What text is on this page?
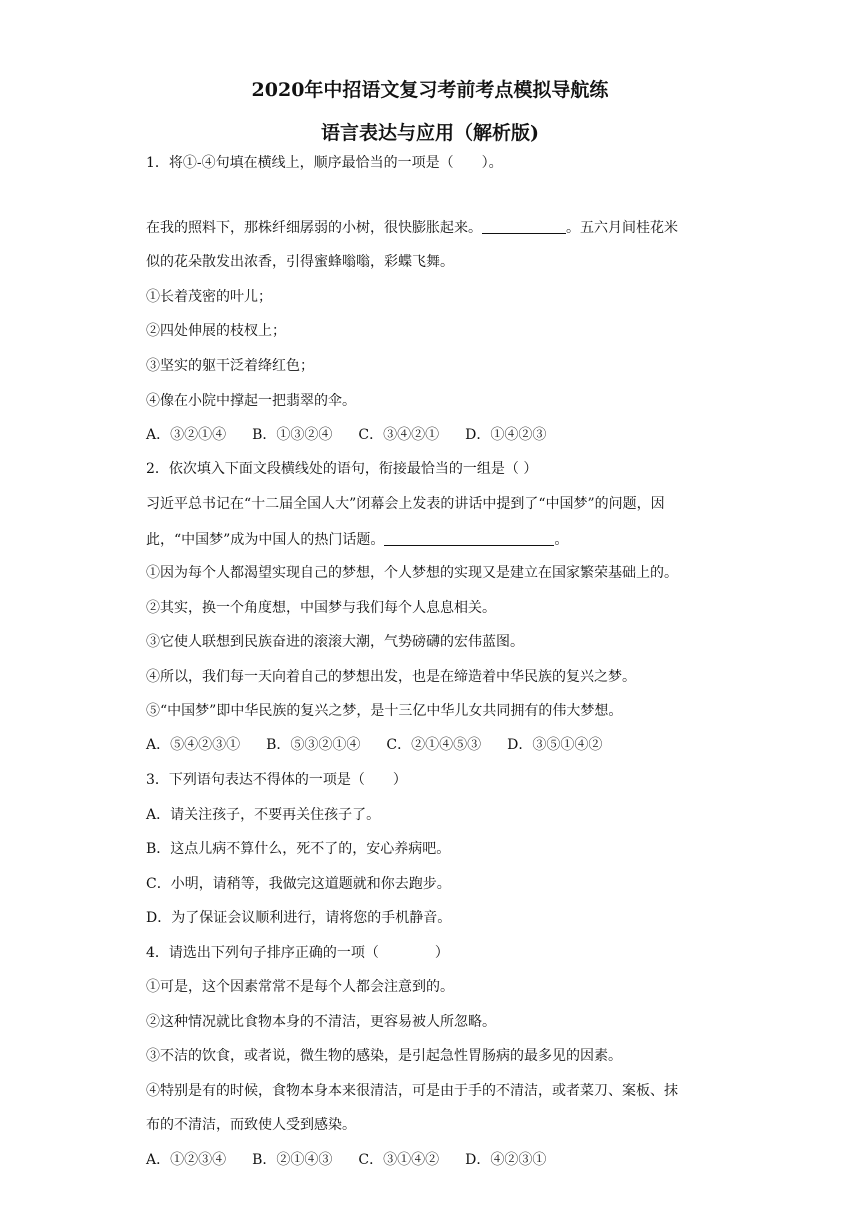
2020年中招语文复习考前考点模拟导航练
语言表达与应用（解析版)
1．将①-④句填在横线上，顺序最恰当的一项是（　　）。
在我的照料下，那株纤细孱弱的小树，很快膨胀起来。	。五六月间桂花米
似的花朵散发出浓香，引得蜜蜂嗡嗡，彩蝶飞舞。
①长着茂密的叶儿；
②四处伸展的枝杈上；
③坚实的躯干泛着绛红色；
④像在小院中撑起一把翡翠的伞。
A．③②①④ B．①③②④ C．③④②① D．①④②③
2．依次填入下面文段横线处的语句，衔接最恰当的一组是（ ）
习近平总书记在“十二届全国人大”闭幕会上发表的讲话中提到了“中国梦”的问题，因
此，“中国梦”成为中国人的热门话题。	。
①因为每个人都渴望实现自己的梦想，个人梦想的实现又是建立在国家繁荣基础上的。
②其实，换一个角度想，中国梦与我们每个人息息相关。
③它使人联想到民族奋进的滚滚大潮，气势磅礴的宏伟蓝图。
④所以，我们每一天向着自己的梦想出发，也是在缔造着中华民族的复兴之梦。
⑤“中国梦”即中华民族的复兴之梦，是十三亿中华儿女共同拥有的伟大梦想。
A．⑤④②③① B．⑤③②①④ C．②①④⑤③ D．③⑤①④②
3．下列语句表达不得体的一项是（　　）
A．请关注孩子，不要再关住孩子了。
B．这点儿病不算什么，死不了的，安心养病吧。
C．小明，请稍等，我做完这道题就和你去跑步。
D．为了保证会议顺利进行，请将您的手机静音。
4．请选出下列句子排序正确的一项（　　　　）
①可是，这个因素常常不是每个人都会注意到的。
②这种情况就比食物本身的不清洁，更容易被人所忽略。
③不洁的饮食，或者说，微生物的感染，是引起急性胃肠病的最多见的因素。
④特别是有的时候，食物本身本来很清洁，可是由于手的不清洁，或者菜刀、案板、抹
布的不清洁，而致使人受到感染。
A．①②③④ B．②①④③ C．③①④② D．④②③①
